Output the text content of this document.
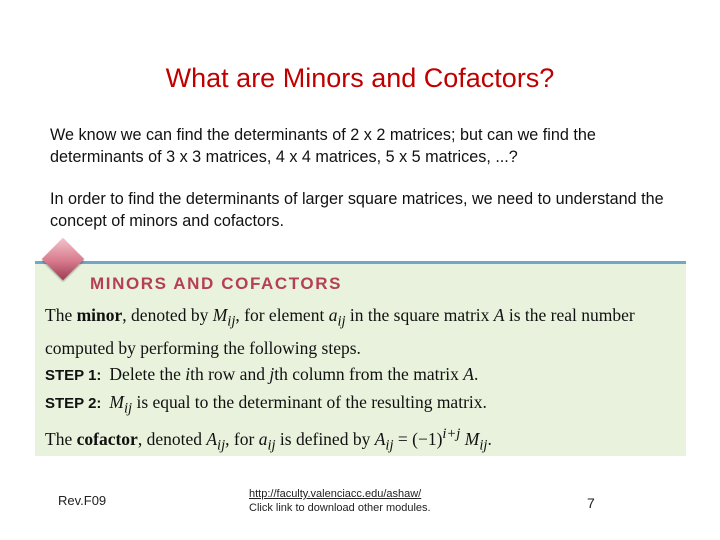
What are Minors and Cofactors?
We know we can find the determinants of 2 x 2 matrices; but can we find the determinants of 3 x 3 matrices, 4 x 4 matrices, 5 x 5 matrices, ...?
In order to find the determinants of larger square matrices, we need to understand the concept of minors and cofactors.
MINORS AND COFACTORS

The minor, denoted by $M_{ij}$, for element $a_{ij}$ in the square matrix A is the real number computed by performing the following steps.

STEP 1: Delete the ith row and jth column from the matrix A.

STEP 2: $M_{ij}$ is equal to the determinant of the resulting matrix.

The cofactor, denoted $A_{ij}$, for $a_{ij}$ is defined by $A_{ij} = (-1)^{i+j}$ $M_{ij}$.

Rev.F09	http://faculty.valenciacc.edu/ashaw/
Click link to download other modules.	7
